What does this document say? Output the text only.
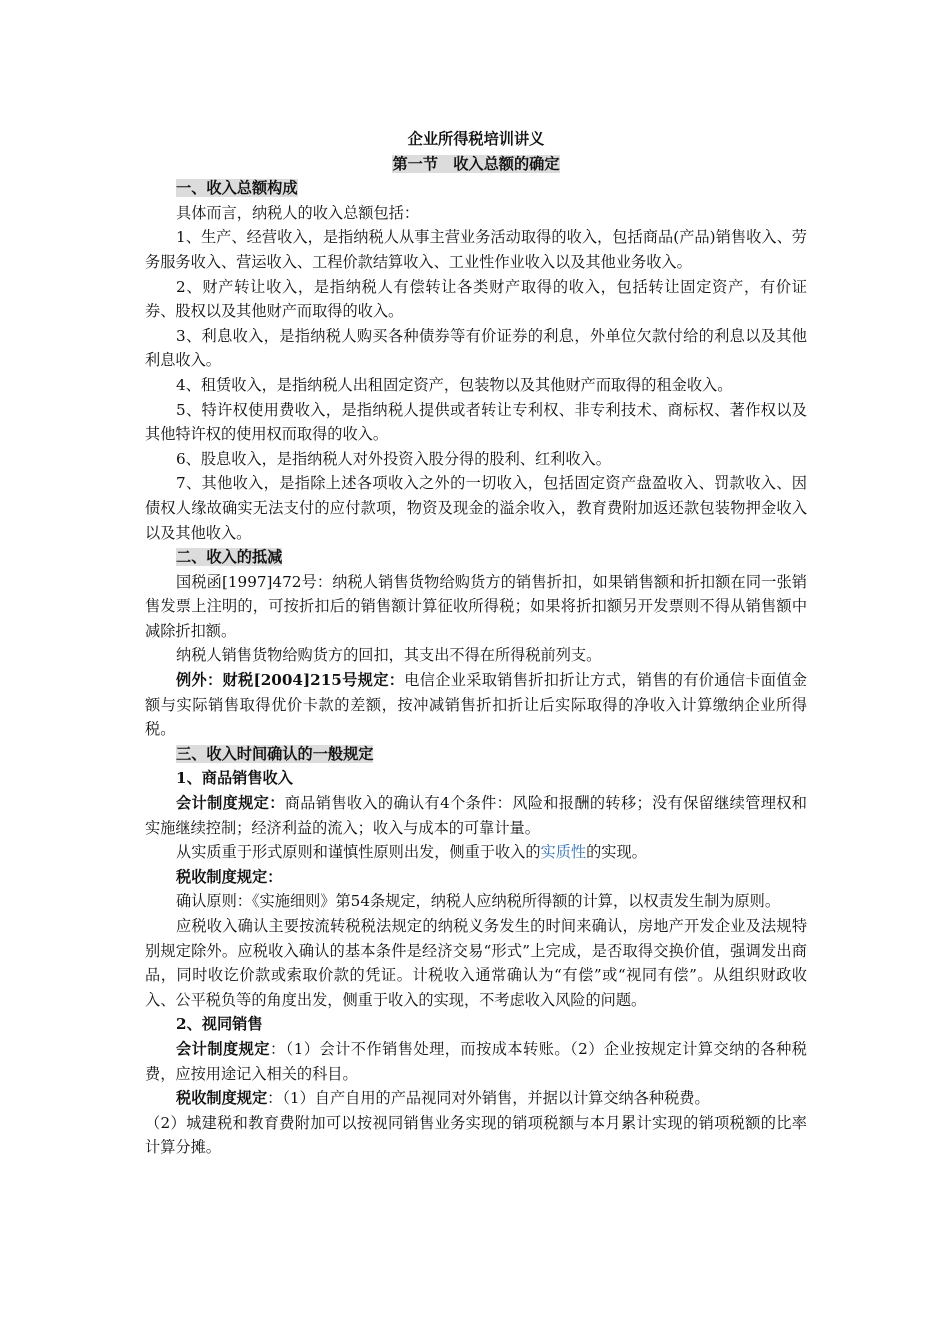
企业所得税培训讲义

第一节　收入总额的确定

一、收入总额构成

具体而言，纳税人的收入总额包括：

1、生产、经营收入，是指纳税人从事主营业务活动取得的收入，包括商品(产品)销售收入、劳务服务收入、营运收入、工程价款结算收入、工业性作业收入以及其他业务收入。

2、财产转让收入，是指纳税人有偿转让各类财产取得的收入，包括转让固定资产，有价证券、股权以及其他财产而取得的收入。

3、利息收入，是指纳税人购买各种债券等有价证券的利息，外单位欠款付给的利息以及其他利息收入。

4、租赁收入，是指纳税人出租固定资产，包装物以及其他财产而取得的租金收入。

5、特许权使用费收入，是指纳税人提供或者转让专利权、非专利技术、商标权、著作权以及其他特许权的使用权而取得的收入。

6、股息收入，是指纳税人对外投资入股分得的股利、红利收入。

7、其他收入，是指除上述各项收入之外的一切收入，包括固定资产盘盈收入、罚款收入、因债权人缘故确实无法支付的应付款项，物资及现金的溢余收入，教育费附加返还款包装物押金收入以及其他收入。

二、收入的抵减

国税函[1997]472号：纳税人销售货物给购货方的销售折扣，如果销售额和折扣额在同一张销售发票上注明的，可按折扣后的销售额计算征收所得税；如果将折扣额另开发票则不得从销售额中减除折扣额。

纳税人销售货物给购货方的回扣，其支出不得在所得税前列支。

例外：财税[2004]215号规定：电信企业采取销售折扣折让方式，销售的有价通信卡面值金额与实际销售取得优价卡款的差额，按冲减销售折扣折让后实际取得的净收入计算缴纳企业所得税。

三、收入时间确认的一般规定

1、商品销售收入

会计制度规定：商品销售收入的确认有4个条件：风险和报酬的转移；没有保留继续管理权和实施继续控制；经济利益的流入；收入与成本的可靠计量。

从实质重于形式原则和谨慎性原则出发，侧重于收入的实质性的实现。

税收制度规定：

确认原则：《实施细则》第54条规定，纳税人应纳税所得额的计算，以权责发生制为原则。

应税收入确认主要按流转税税法规定的纳税义务发生的时间来确认，房地产开发企业及法规特别规定除外。应税收入确认的基本条件是经济交易“形式”上完成，是否取得交换价值，强调发出商品，同时收讫价款或索取价款的凭证。计税收入通常确认为“有偿”或“视同有偿”。从组织财政收入、公平税负等的角度出发，侧重于收入的实现，不考虑收入风险的问题。

2、视同销售

会计制度规定：（1）会计不作销售处理，而按成本转账。（2）企业按规定计算交纳的各种税费，应按用途记入相关的科目。

税收制度规定：（1）自产自用的产品视同对外销售，并据以计算交纳各种税费。

（2）城建税和教育费附加可以按视同销售业务实现的销项税额与本月累计实现的销项税额的比率计算分摊。
